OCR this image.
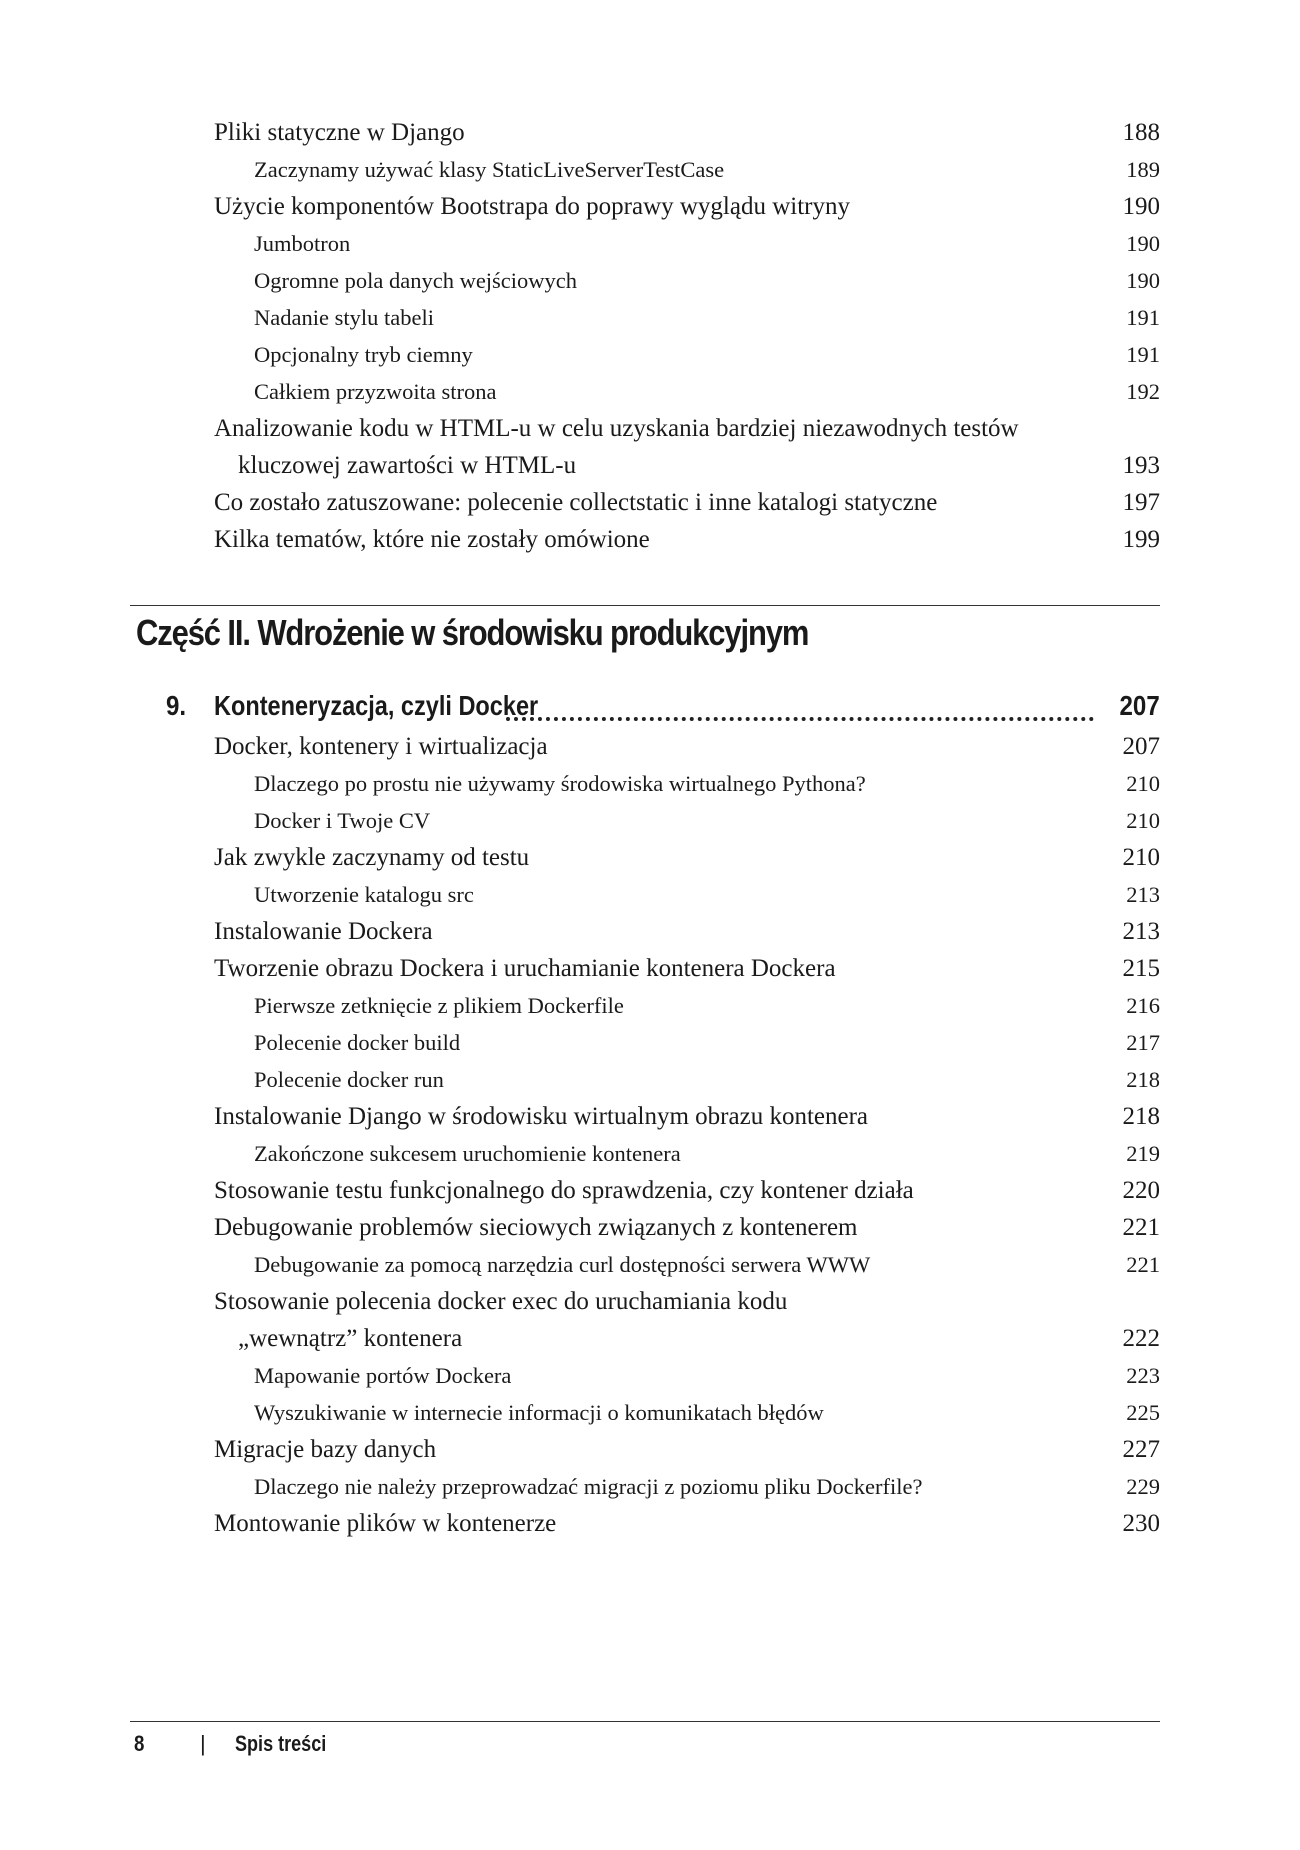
Pliki statyczne w Django	188
Zaczynamy używać klasy StaticLiveServerTestCase	189
Użycie komponentów Bootstrapa do poprawy wyglądu witryny	190
Jumbotron	190
Ogromne pola danych wejściowych	190
Nadanie stylu tabeli	191
Opcjonalny tryb ciemny	191
Całkiem przyzwoita strona	192
Analizowanie kodu w HTML-u w celu uzyskania bardziej niezawodnych testów
kluczowej zawartości w HTML-u	193
Co zostało zatuszowane: polecenie collectstatic i inne katalogi statyczne	197
Kilka tematów, które nie zostały omówione	199
Część II. Wdrożenie w środowisku produkcyjnym
9. Konteneryzacja, czyli Docker	207
Docker, kontenery i wirtualizacja	207
Dlaczego po prostu nie używamy środowiska wirtualnego Pythona?	210
Docker i Twoje CV	210
Jak zwykle zaczynamy od testu	210
Utworzenie katalogu src	213
Instalowanie Dockera	213
Tworzenie obrazu Dockera i uruchamianie kontenera Dockera	215
Pierwsze zetknięcie z plikiem Dockerfile	216
Polecenie docker build	217
Polecenie docker run	218
Instalowanie Django w środowisku wirtualnym obrazu kontenera	218
Zakończone sukcesem uruchomienie kontenera	219
Stosowanie testu funkcjonalnego do sprawdzenia, czy kontener działa	220
Debugowanie problemów sieciowych związanych z kontenerem	221
Debugowanie za pomocą narzędzia curl dostępności serwera WWW	221
Stosowanie polecenia docker exec do uruchamiania kodu
„wewnątrz” kontenera	222
Mapowanie portów Dockera	223
Wyszukiwanie w internecie informacji o komunikatach błędów	225
Migracje bazy danych	227
Dlaczego nie należy przeprowadzać migracji z poziomu pliku Dockerfile?	229
Montowanie plików w kontenerze	230
8	| Spis treści
